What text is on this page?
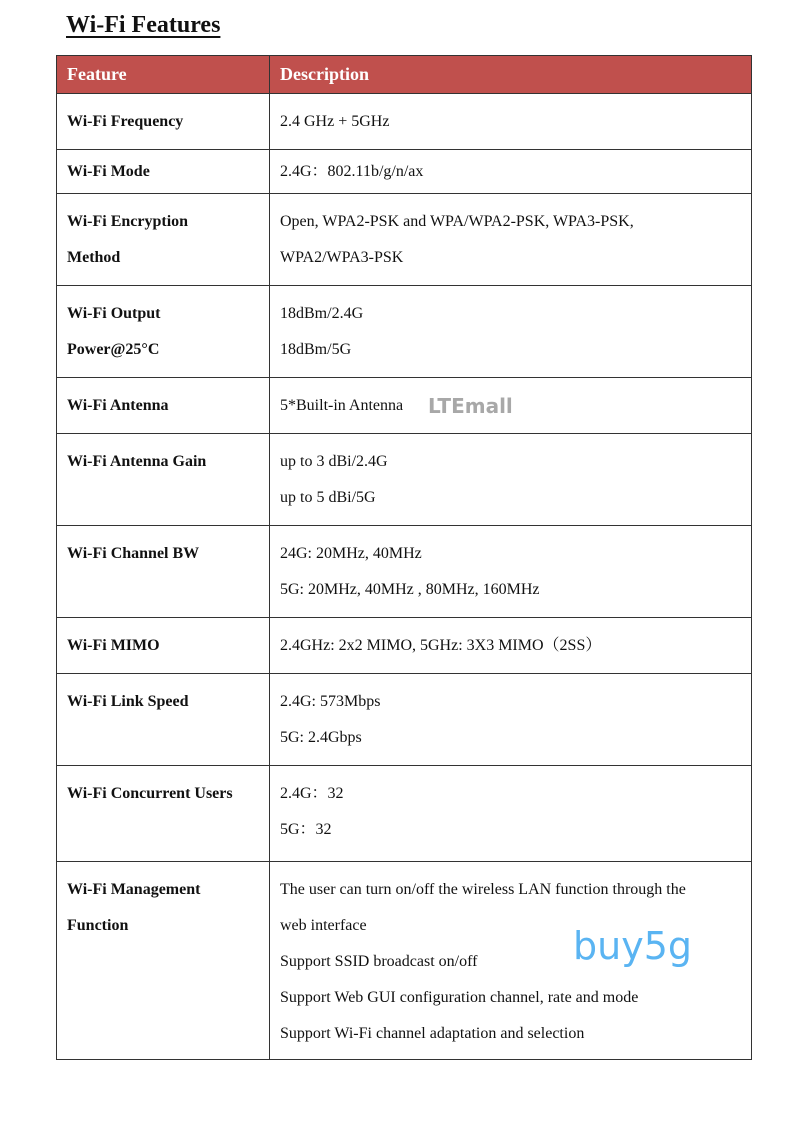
Wi-Fi Features
Feature	Description

Wi-Fi Frequency	2.4 GHz + 5GHz

Wi-Fi Mode	2.4G：802.11b/g/n/ax

Wi-Fi Encryption
Method	Open, WPA2-PSK and WPA/WPA2-PSK, WPA3-PSK,
WPA2/WPA3-PSK

Wi-Fi Output
Power@25°C	18dBm/2.4G
18dBm/5G

Wi-Fi Antenna	5*Built-in Antenna

Wi-Fi Antenna Gain	up to 3 dBi/2.4G
up to 5 dBi/5G

Wi-Fi Channel BW	24G: 20MHz, 40MHz
5G: 20MHz, 40MHz , 80MHz, 160MHz

Wi-Fi MIMO	2.4GHz: 2x2 MIMO, 5GHz: 3X3 MIMO（2SS）

Wi-Fi Link Speed	2.4G: 573Mbps
5G: 2.4Gbps

Wi-Fi Concurrent Users	2.4G：32
5G：32

Wi-Fi Management
Function	The user can turn on/off the wireless LAN function through the
web interface
Support SSID broadcast on/off
Support Web GUI configuration channel, rate and mode
Support Wi-Fi channel adaptation and selection
LTEmall
buy5g
